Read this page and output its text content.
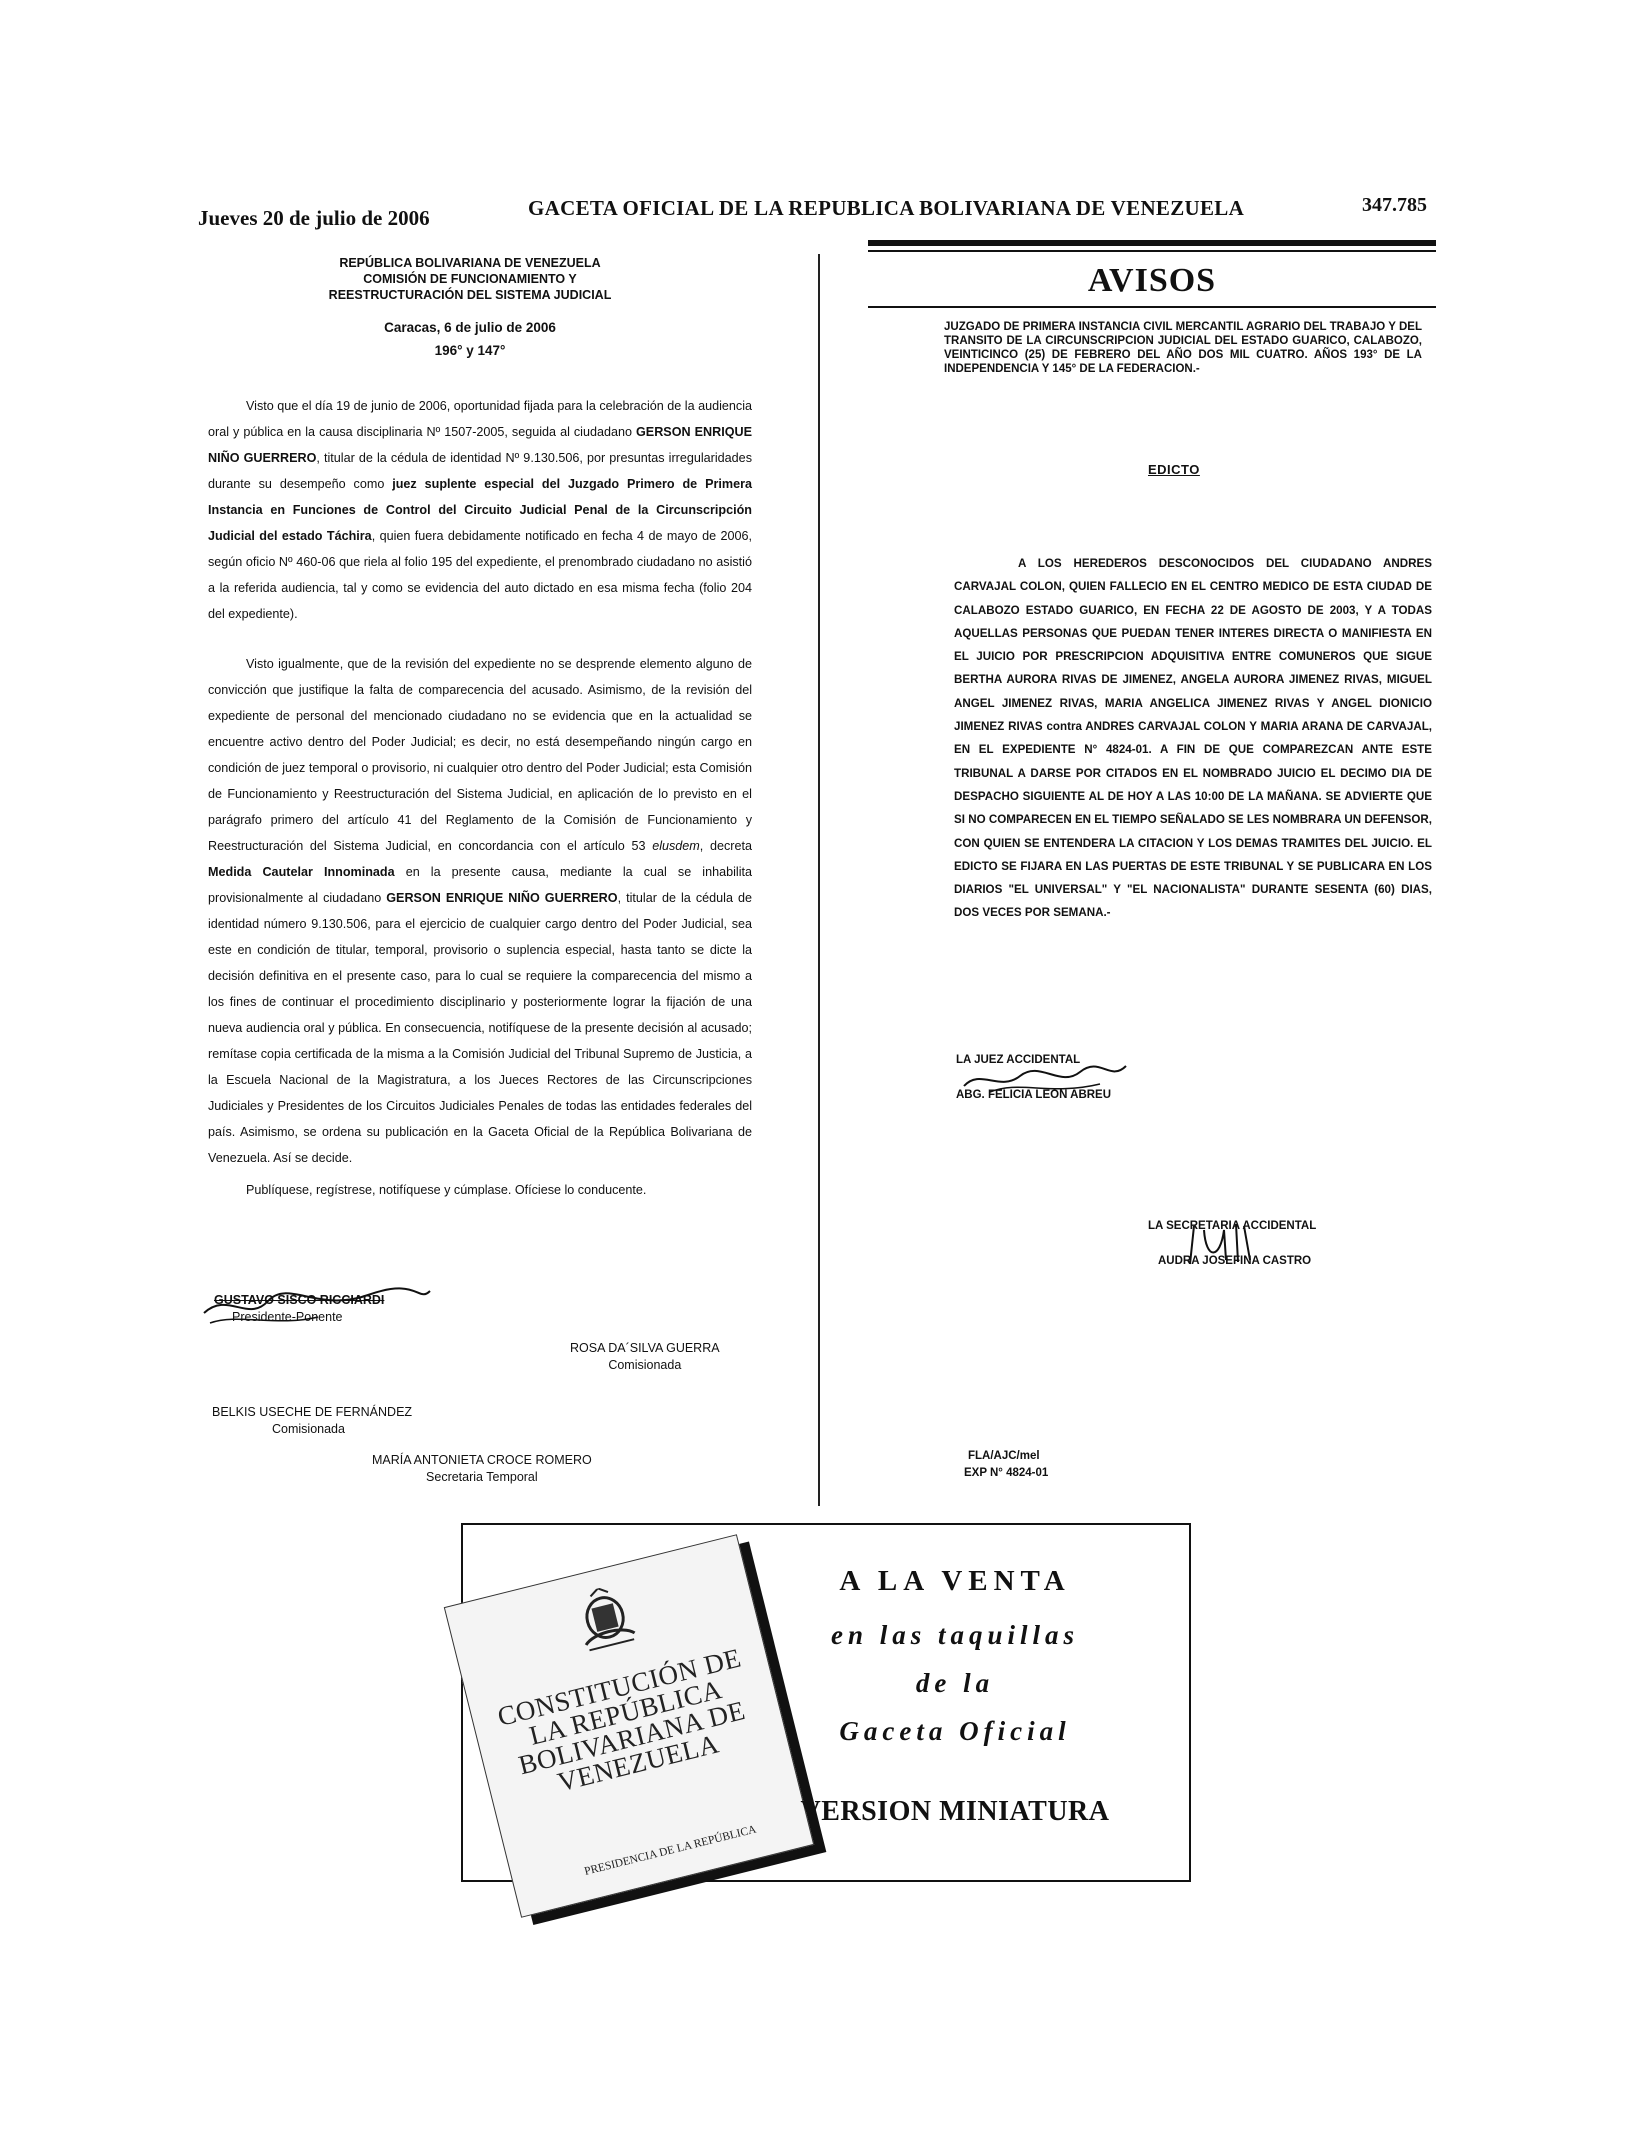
Jueves 20 de julio de 2006	GACETA OFICIAL DE LA REPUBLICA BOLIVARIANA DE VENEZUELA	347.785
REPÚBLICA BOLIVARIANA DE VENEZUELA
COMISIÓN DE FUNCIONAMIENTO Y
REESTRUCTURACIÓN DEL SISTEMA JUDICIAL
Caracas, 6 de julio de 2006
196° y 147°

Visto que el día 19 de junio de 2006, oportunidad fijada para la celebración de la audiencia oral y pública en la causa disciplinaria Nº 1507-2005, seguida al ciudadano GERSON ENRIQUE NIÑO GUERRERO, titular de la cédula de identidad Nº 9.130.506, por presuntas irregularidades durante su desempeño como juez suplente especial del Juzgado Primero de Primera Instancia en Funciones de Control del Circuito Judicial Penal de la Circunscripción Judicial del estado Táchira, quien fuera debidamente notificado en fecha 4 de mayo de 2006, según oficio Nº 460-06 que riela al folio 195 del expediente, el prenombrado ciudadano no asistió a la referida audiencia, tal y como se evidencia del auto dictado en esa misma fecha (folio 204 del expediente).

Visto igualmente, que de la revisión del expediente no se desprende elemento alguno de convicción que justifique la falta de comparecencia del acusado. Asimismo, de la revisión del expediente de personal del mencionado ciudadano no se evidencia que en la actualidad se encuentre activo dentro del Poder Judicial; es decir, no está desempeñando ningún cargo en condición de juez temporal o provisorio, ni cualquier otro dentro del Poder Judicial; esta Comisión de Funcionamiento y Reestructuración del Sistema Judicial, en aplicación de lo previsto en el parágrafo primero del artículo 41 del Reglamento de la Comisión de Funcionamiento y Reestructuración del Sistema Judicial, en concordancia con el artículo 53 elusdem, decreta Medida Cautelar Innominada en la presente causa, mediante la cual se inhabilita provisionalmente al ciudadano GERSON ENRIQUE NIÑO GUERRERO, titular de la cédula de identidad número 9.130.506, para el ejercicio de cualquier cargo dentro del Poder Judicial, sea este en condición de titular, temporal, provisorio o suplencia especial, hasta tanto se dicte la decisión definitiva en el presente caso, para lo cual se requiere la comparecencia del mismo a los fines de continuar el procedimiento disciplinario y posteriormente lograr la fijación de una nueva audiencia oral y pública. En consecuencia, notifíquese de la presente decisión al acusado; remítase copia certificada de la misma a la Comisión Judicial del Tribunal Supremo de Justicia, a la Escuela Nacional de la Magistratura, a los Jueces Rectores de las Circunscripciones Judiciales y Presidentes de los Circuitos Judiciales Penales de todas las entidades federales del país. Asimismo, se ordena su publicación en la Gaceta Oficial de la República Bolivariana de Venezuela. Así se decide.

Publíquese, regístrese, notifíquese y cúmplase. Ofíciese lo conducente.

GUSTAVO SISCO RICCIARDI
Presidente-Ponente
ROSA DA´SILVA GUERRA
Comisionada
BELKIS USECHE DE FERNÁNDEZ
Comisionada
MARÍA ANTONIETA CROCE ROMERO
Secretaria Temporal
AVISOS
JUZGADO DE PRIMERA INSTANCIA CIVIL MERCANTIL AGRARIO DEL TRABAJO Y DEL TRANSITO DE LA CIRCUNSCRIPCION JUDICIAL DEL ESTADO GUARICO, CALABOZO, VEINTICINCO (25) DE FEBRERO DEL AÑO DOS MIL CUATRO. AÑOS 193° DE LA INDEPENDENCIA Y 145° DE LA FEDERACION.-
EDICTO

A LOS HEREDEROS DESCONOCIDOS DEL CIUDADANO ANDRES CARVAJAL COLON, QUIEN FALLECIO EN EL CENTRO MEDICO DE ESTA CIUDAD DE CALABOZO ESTADO GUARICO, EN FECHA 22 DE AGOSTO DE 2003, Y A TODAS AQUELLAS PERSONAS QUE PUEDAN TENER INTERES DIRECTA O MANIFIESTA EN EL JUICIO POR PRESCRIPCION ADQUISITIVA ENTRE COMUNEROS QUE SIGUE BERTHA AURORA RIVAS DE JIMENEZ, ANGELA AURORA JIMENEZ RIVAS, MIGUEL ANGEL JIMENEZ RIVAS, MARIA ANGELICA JIMENEZ RIVAS Y ANGEL DIONICIO JIMENEZ RIVAS contra ANDRES CARVAJAL COLON Y MARIA ARANA DE CARVAJAL, EN EL EXPEDIENTE N° 4824-01. A FIN DE QUE COMPAREZCAN ANTE ESTE TRIBUNAL A DARSE POR CITADOS EN EL NOMBRADO JUICIO EL DECIMO DIA DE DESPACHO SIGUIENTE AL DE HOY A LAS 10:00 DE LA MAÑANA. SE ADVIERTE QUE SI NO COMPARECEN EN EL TIEMPO SEÑALADO SE LES NOMBRARA UN DEFENSOR, CON QUIEN SE ENTENDERA LA CITACION Y LOS DEMAS TRAMITES DEL JUICIO. EL EDICTO SE FIJARA EN LAS PUERTAS DE ESTE TRIBUNAL Y SE PUBLICARA EN LOS DIARIOS "EL UNIVERSAL" Y "EL NACIONALISTA" DURANTE SESENTA (60) DIAS, DOS VECES POR SEMANA.-

LA JUEZ ACCIDENTAL
ABG. FELICIA LEON ABREU
LA SECRETARIA ACCIDENTAL
AUDRA JOSEFINA CASTRO
FLA/AJC/mel
EXP N° 4824-01
CONSTITUCIÓN DE LA REPÚBLICA BOLIVARIANA DE VENEZUELA
PRESIDENCIA DE LA REPÚBLICA
A LA VENTA
en las taquillas
de la
Gaceta Oficial
VERSION MINIATURA
